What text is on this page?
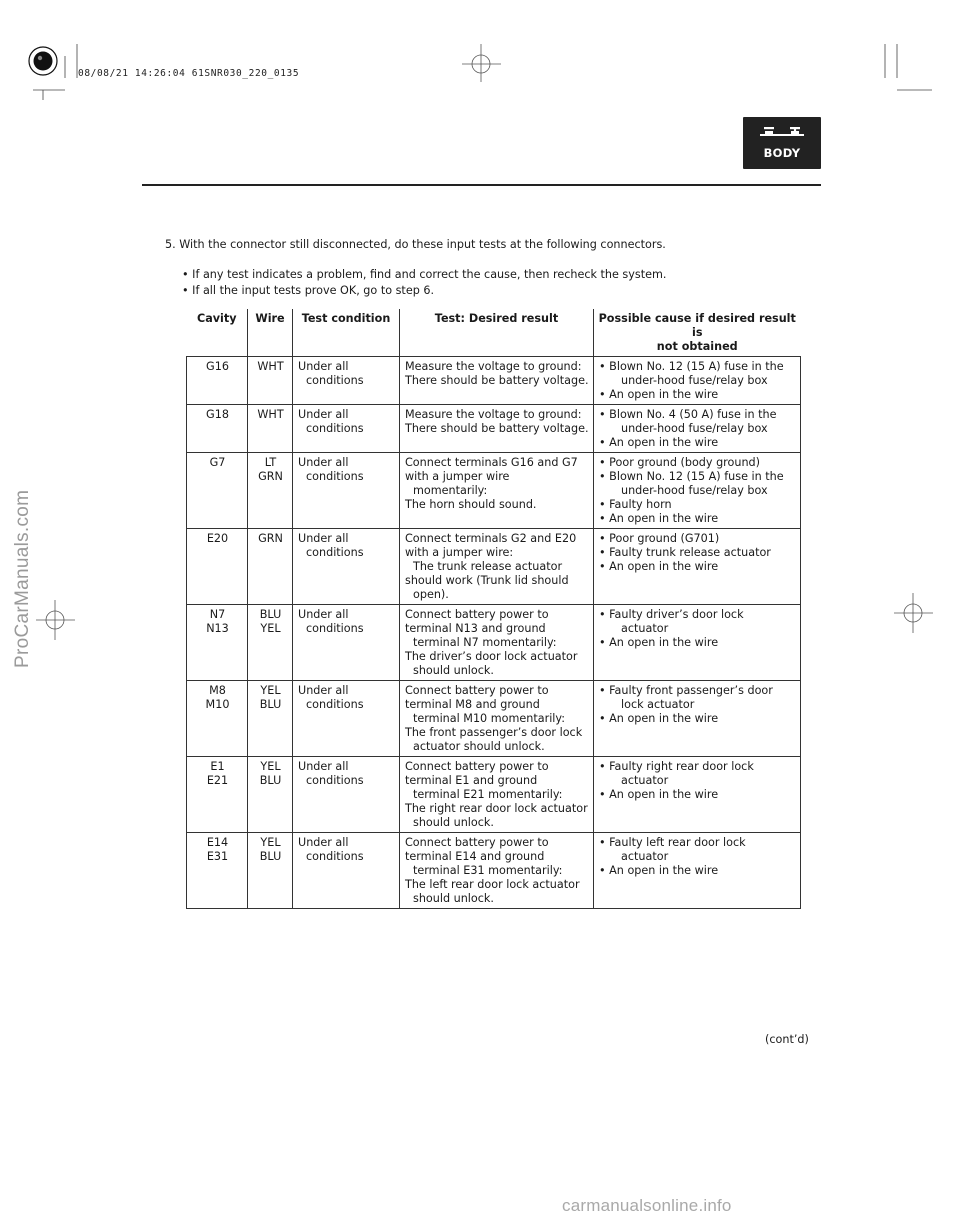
08/08/21 14:26:04 61SNR030_220_0135
BODY
5. With the connector still disconnected, do these input tests at the following connectors.
• If any test indicates a problem, find and correct the cause, then recheck the system.
• If all the input tests prove OK, go to step 6.
Cavity	Wire	Test condition	Test: Desired result	Possible cause if desired result is
not obtained

G16	WHT	Under all
conditions	Measure the voltage to ground:
There should be battery voltage.	• Blown No. 12 (15 A) fuse in the
under-hood fuse/relay box
• An open in the wire

G18	WHT	Under all
conditions	Measure the voltage to ground:
There should be battery voltage.	• Blown No. 4 (50 A) fuse in the
under-hood fuse/relay box
• An open in the wire

G7	LT
GRN	Under all
conditions	Connect terminals G16 and G7
with a jumper wire
momentarily:
The horn should sound.	• Poor ground (body ground)
• Blown No. 12 (15 A) fuse in the
under-hood fuse/relay box
• Faulty horn
• An open in the wire

E20	GRN	Under all
conditions	Connect terminals G2 and E20
with a jumper wire:
The trunk release actuator
should work (Trunk lid should
open).	• Poor ground (G701)
• Faulty trunk release actuator
• An open in the wire

N7
N13	BLU
YEL	Under all
conditions	Connect battery power to
terminal N13 and ground
terminal N7 momentarily:
The driver’s door lock actuator
should unlock.	• Faulty driver’s door lock
actuator
• An open in the wire

M8
M10	YEL
BLU	Under all
conditions	Connect battery power to
terminal M8 and ground
terminal M10 momentarily:
The front passenger’s door lock
actuator should unlock.	• Faulty front passenger’s door
lock actuator
• An open in the wire

E1
E21	YEL
BLU	Under all
conditions	Connect battery power to
terminal E1 and ground
terminal E21 momentarily:
The right rear door lock actuator
should unlock.	• Faulty right rear door lock
actuator
• An open in the wire

E14
E31	YEL
BLU	Under all
conditions	Connect battery power to
terminal E14 and ground
terminal E31 momentarily:
The left rear door lock actuator
should unlock.	• Faulty left rear door lock
actuator
• An open in the wire
(cont’d)
ProCarManuals.com
carmanualsonline.info
